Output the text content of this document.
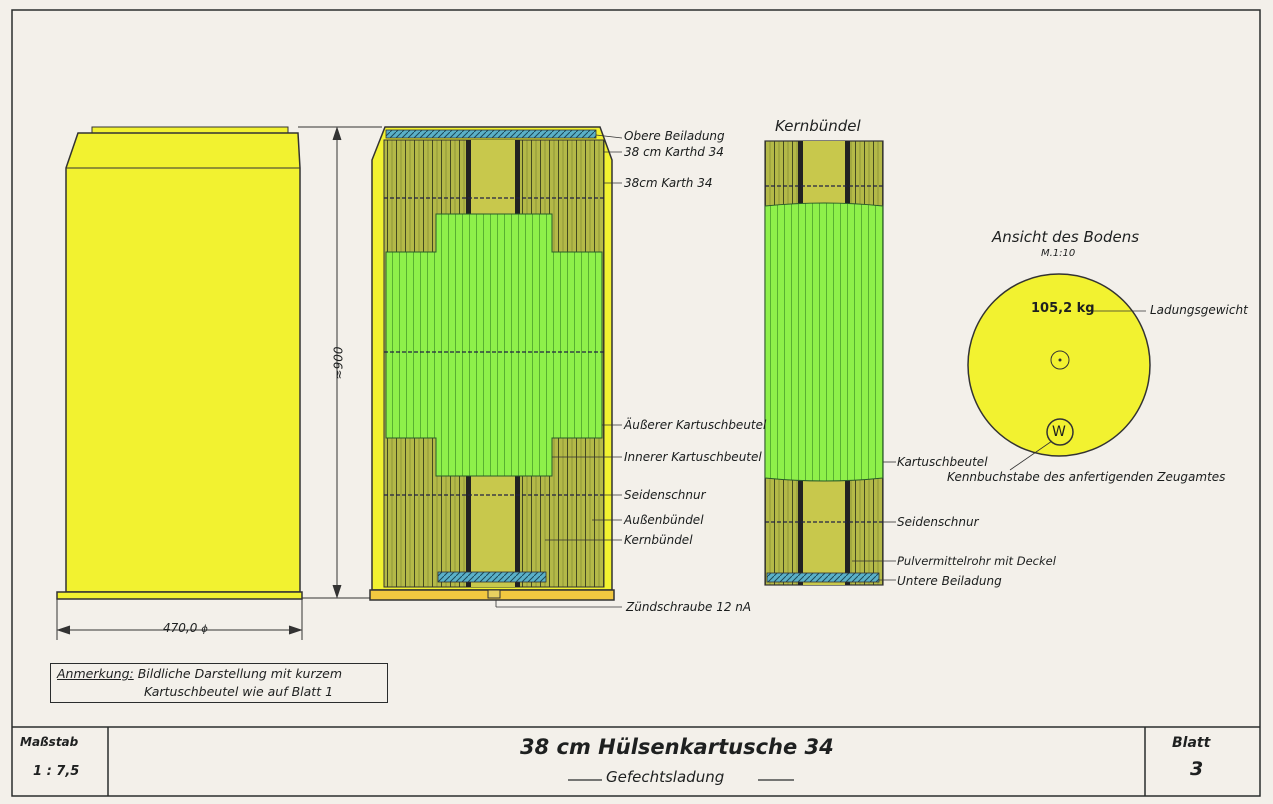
Obere Beiladung
38 cm Karthd 34
38cm Karth 34
Äußerer Kartuschbeutel
Innerer Kartuschbeutel
Seidenschnur
Außenbündel
Kernbündel
Zündschraube 12 nA
Kernbündel
Kartuschbeutel
Seidenschnur
Pulvermittelrohr mit Deckel
Untere Beiladung
Ansicht des Bodens
M.1:10
105,2 kg	Ladungsgewicht
W
Kennbuchstabe des anfertigenden Zeugamtes
≈900
470,0 ϕ
Anmerkung: Bildliche Darstellung mit kurzem
Kartuschbeutel wie auf Blatt 1
Maßstab
1 : 7,5
38 cm Hülsenkartusche 34
Gefechtsladung
Blatt
3
